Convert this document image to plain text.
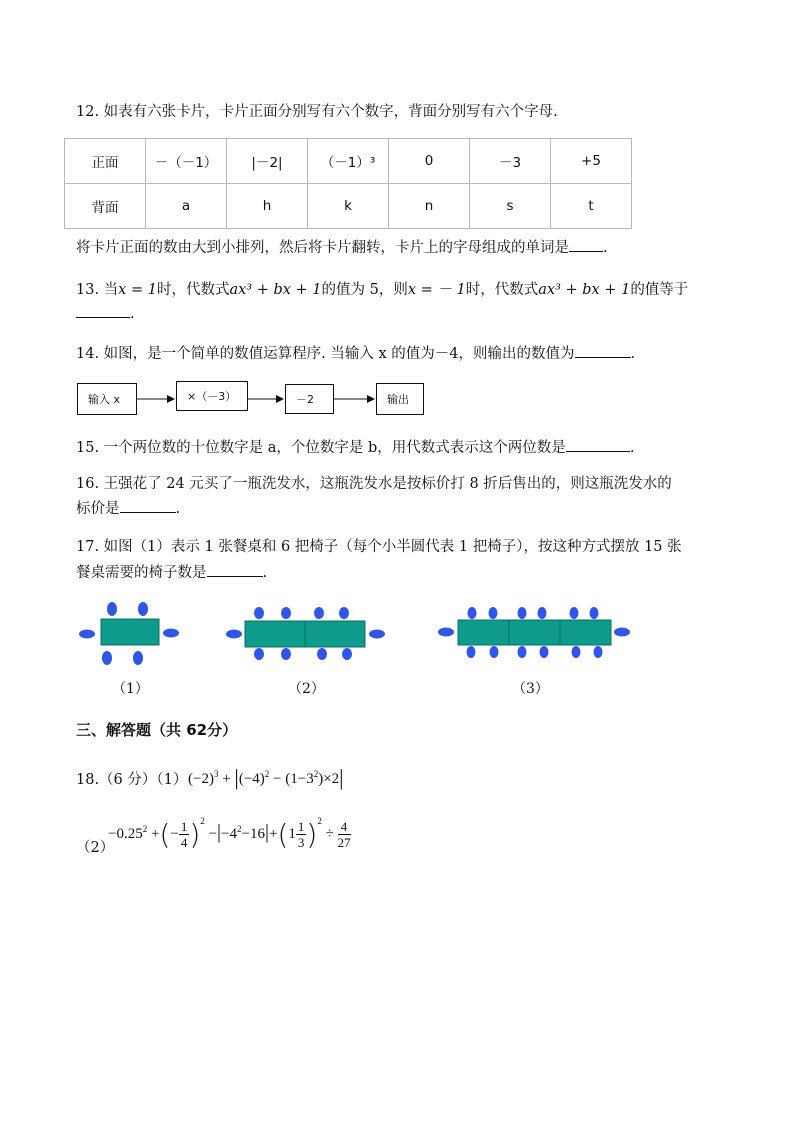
12. 如表有六张卡片，卡片正面分别写有六个数字，背面分别写有六个字母.
正面	－（－1）	|－2|	（－1）³	0	－3	+5
背面	a	h	k	n	s	t
将卡片正面的数由大到小排列，然后将卡片翻转，卡片上的字母组成的单词是 .
13. 当x = 1时，代数式ax³ + bx + 1的值为 5，则x = － 1时，代数式ax³ + bx + 1的值等于
.
14. 如图，是一个简单的数值运算程序. 当输入 x 的值为－4，则输出的数值为	.
输入 x	×（－3）	－2	输出
15. 一个两位数的十位数字是 a，个位数字是 b，用代数式表示这个两位数是	.
16. 王强花了 24 元买了一瓶洗发水，这瓶洗发水是按标价打 8 折后售出的，则这瓶洗发水的
标价是	.
17. 如图（1）表示 1 张餐桌和 6 把椅子（每个小半圆代表 1 把椅子），按这种方式摆放 15 张
餐桌需要的椅子数是	.
（1）	（2）	（3）
三、解答题（共 62分）
18.（6 分）（1） $(-2)^3 + |(-4)^2 - (1-3^2)\times 2|$
（2）
$-0.25^2$ +(− $\frac{1}{4} )^2 -|-4^2-16|+(1 \frac{1}{3} )^2 \div \frac{4}{27}$
